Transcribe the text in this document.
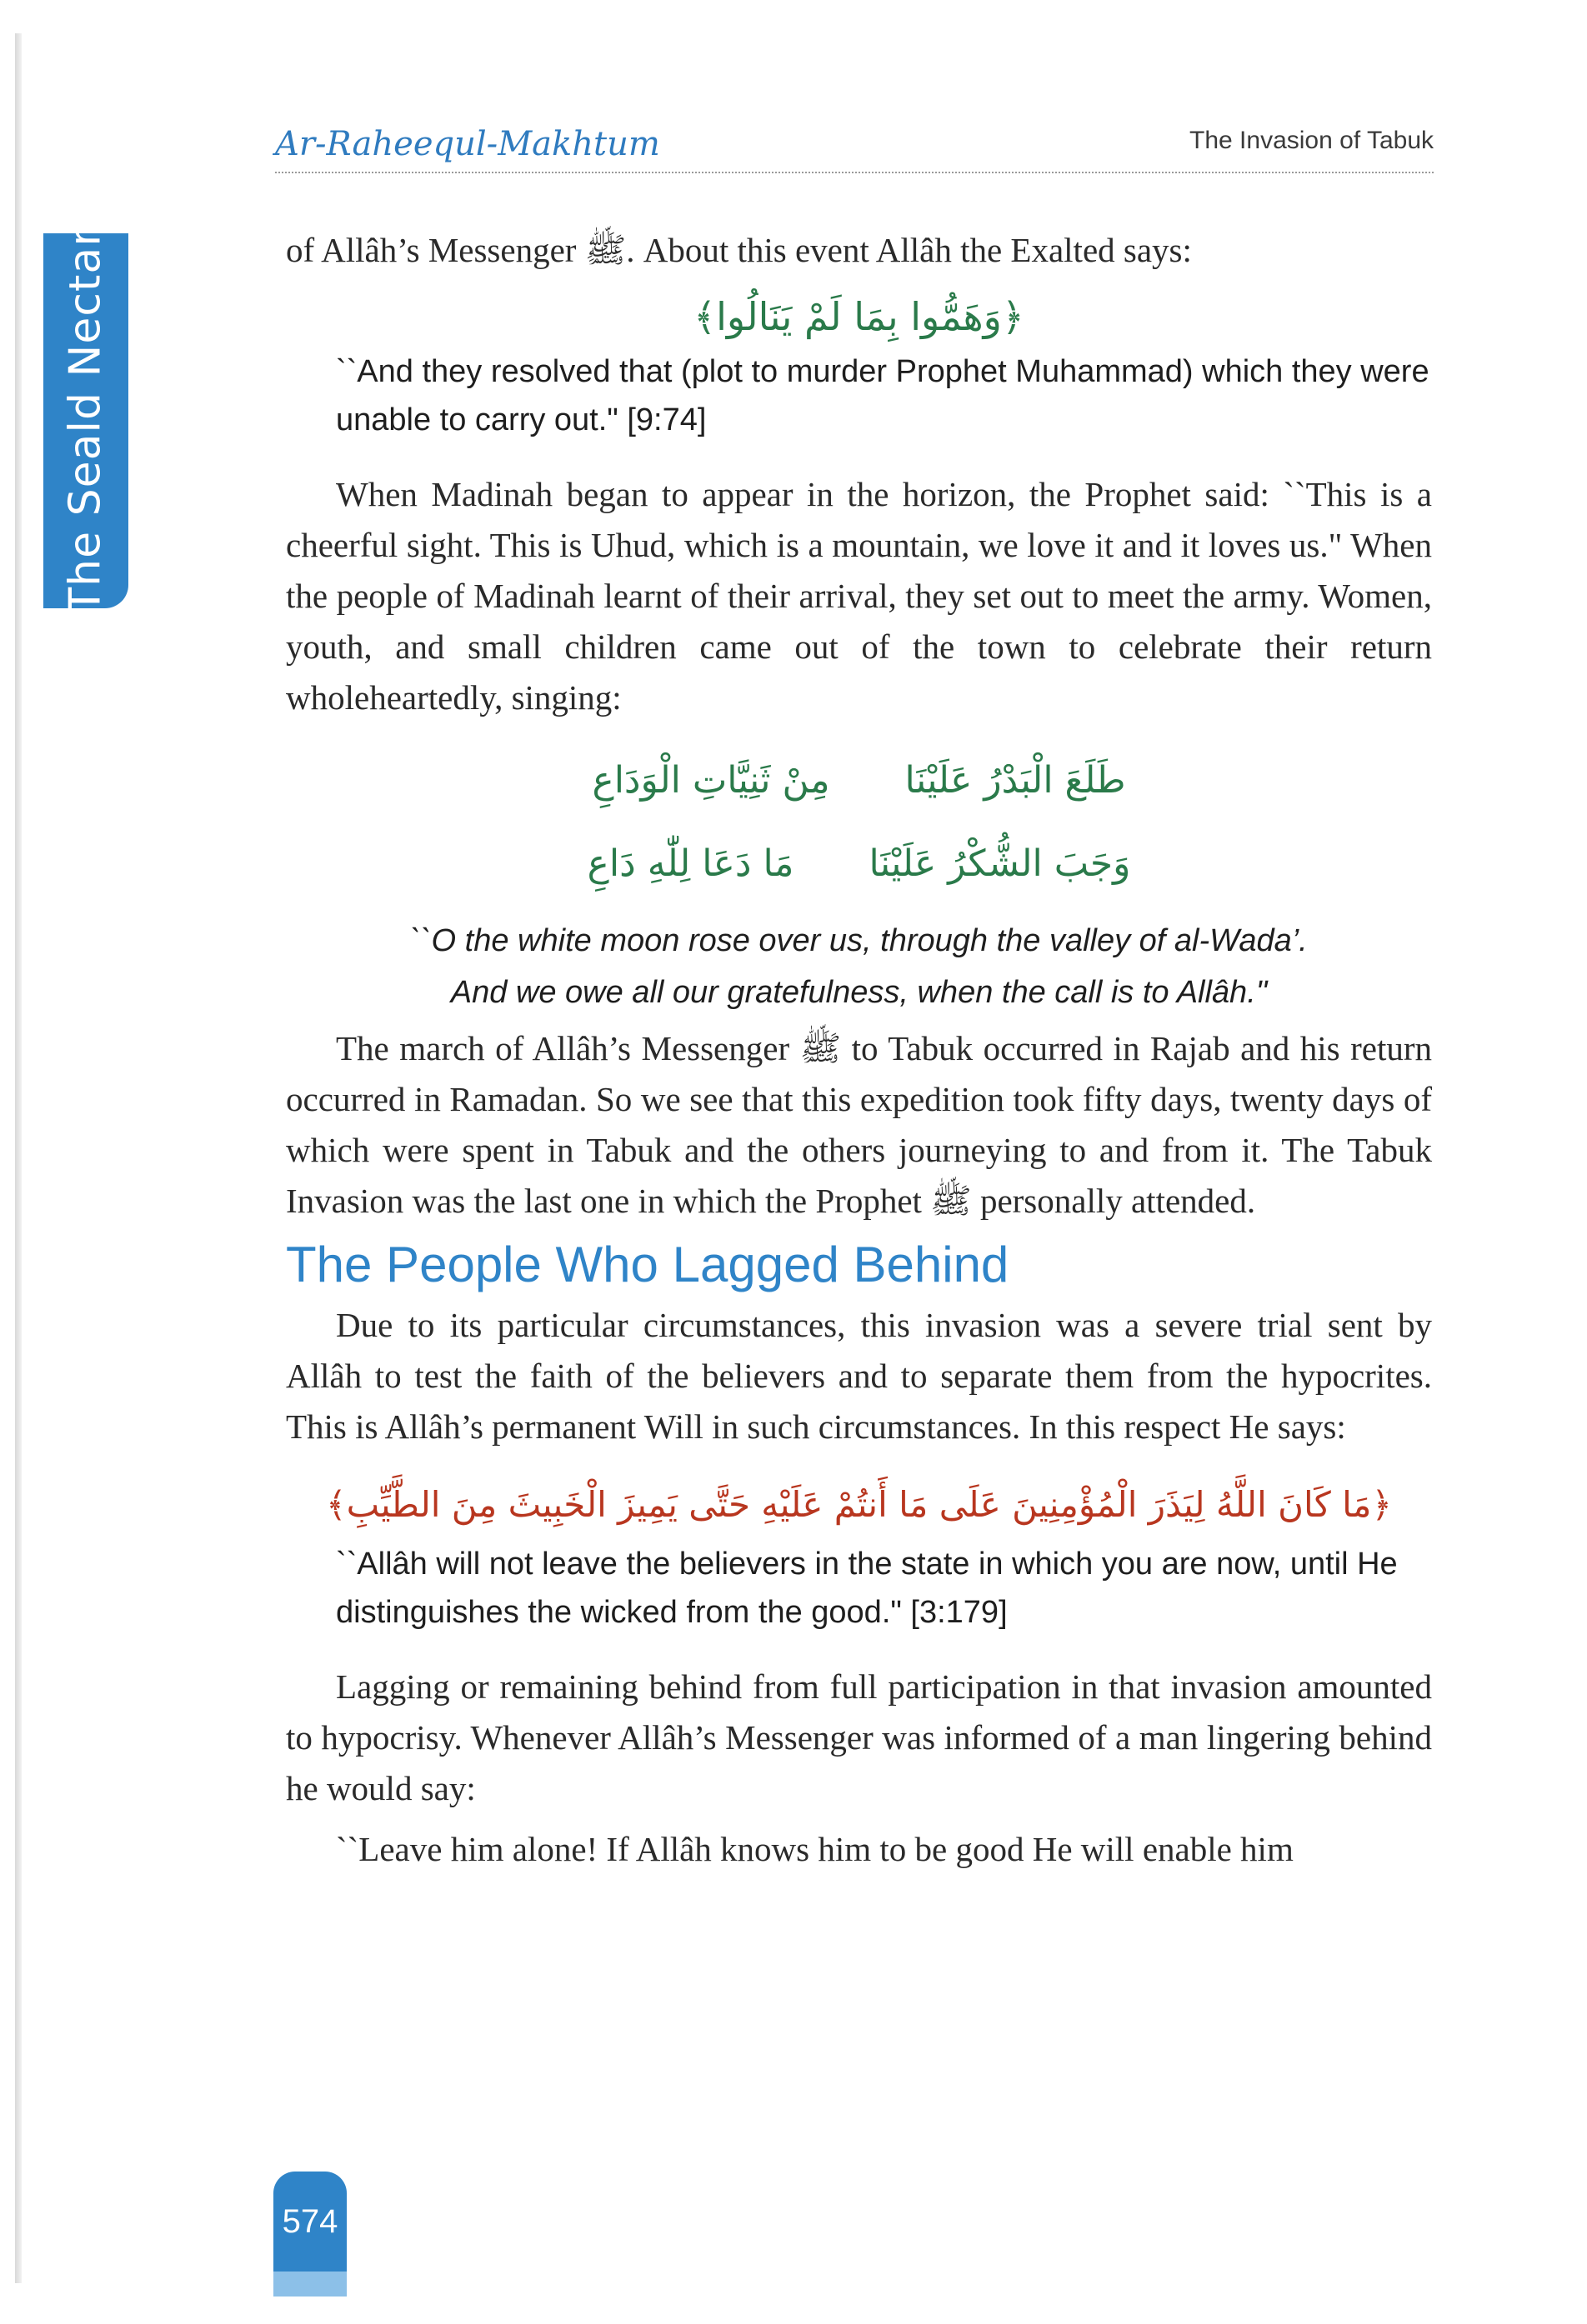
The Seald Nectar
Ar-Raheequl-Makhtum	The Invasion of Tabuk

of Allâh’s Messenger ﷺ. About this event Allâh the Exalted says:

﴿وَهَمُّوا بِمَا لَمْ يَنَالُوا﴾

``And they resolved that (plot to murder Prophet Muhammad) which they were unable to carry out." [9:74]

When Madinah began to appear in the horizon, the Prophet said: ``This is a cheerful sight. This is Uhud, which is a mountain, we love it and it loves us." When the people of Madinah learnt of their arrival, they set out to meet the army. Women, youth, and small children came out of the town to celebrate their return wholeheartedly, singing:

طَلَعَ الْبَدْرُ عَلَيْنَا
مِنْ ثَنِيَّاتِ الْوَدَاعِ
وَجَبَ الشُّكْرُ عَلَيْنَا
مَا دَعَا لِلّٰهِ دَاعِ
``O the white moon rose over us, through the valley of al-Wada’.
And we owe all our gratefulness, when the call is to Allâh."

The march of Allâh’s Messenger ﷺ to Tabuk occurred in Rajab and his return occurred in Ramadan. So we see that this expedition took fifty days, twenty days of which were spent in Tabuk and the others journeying to and from it. The Tabuk Invasion was the last one in which the Prophet ﷺ personally attended.

The People Who Lagged Behind

Due to its particular circumstances, this invasion was a severe trial sent by Allâh to test the faith of the believers and to separate them from the hypocrites. This is Allâh’s permanent Will in such circumstances. In this respect He says:

﴿مَا كَانَ اللَّهُ لِيَذَرَ الْمُؤْمِنِينَ عَلَى مَا أَنتُمْ عَلَيْهِ حَتَّى يَمِيزَ الْخَبِيثَ مِنَ الطَّيِّبِ﴾

``Allâh will not leave the believers in the state in which you are now, until He distinguishes the wicked from the good." [3:179]

Lagging or remaining behind from full participation in that invasion amounted to hypocrisy. Whenever Allâh’s Messenger was informed of a man lingering behind he would say:

``Leave him alone! If Allâh knows him to be good He will enable him

574
